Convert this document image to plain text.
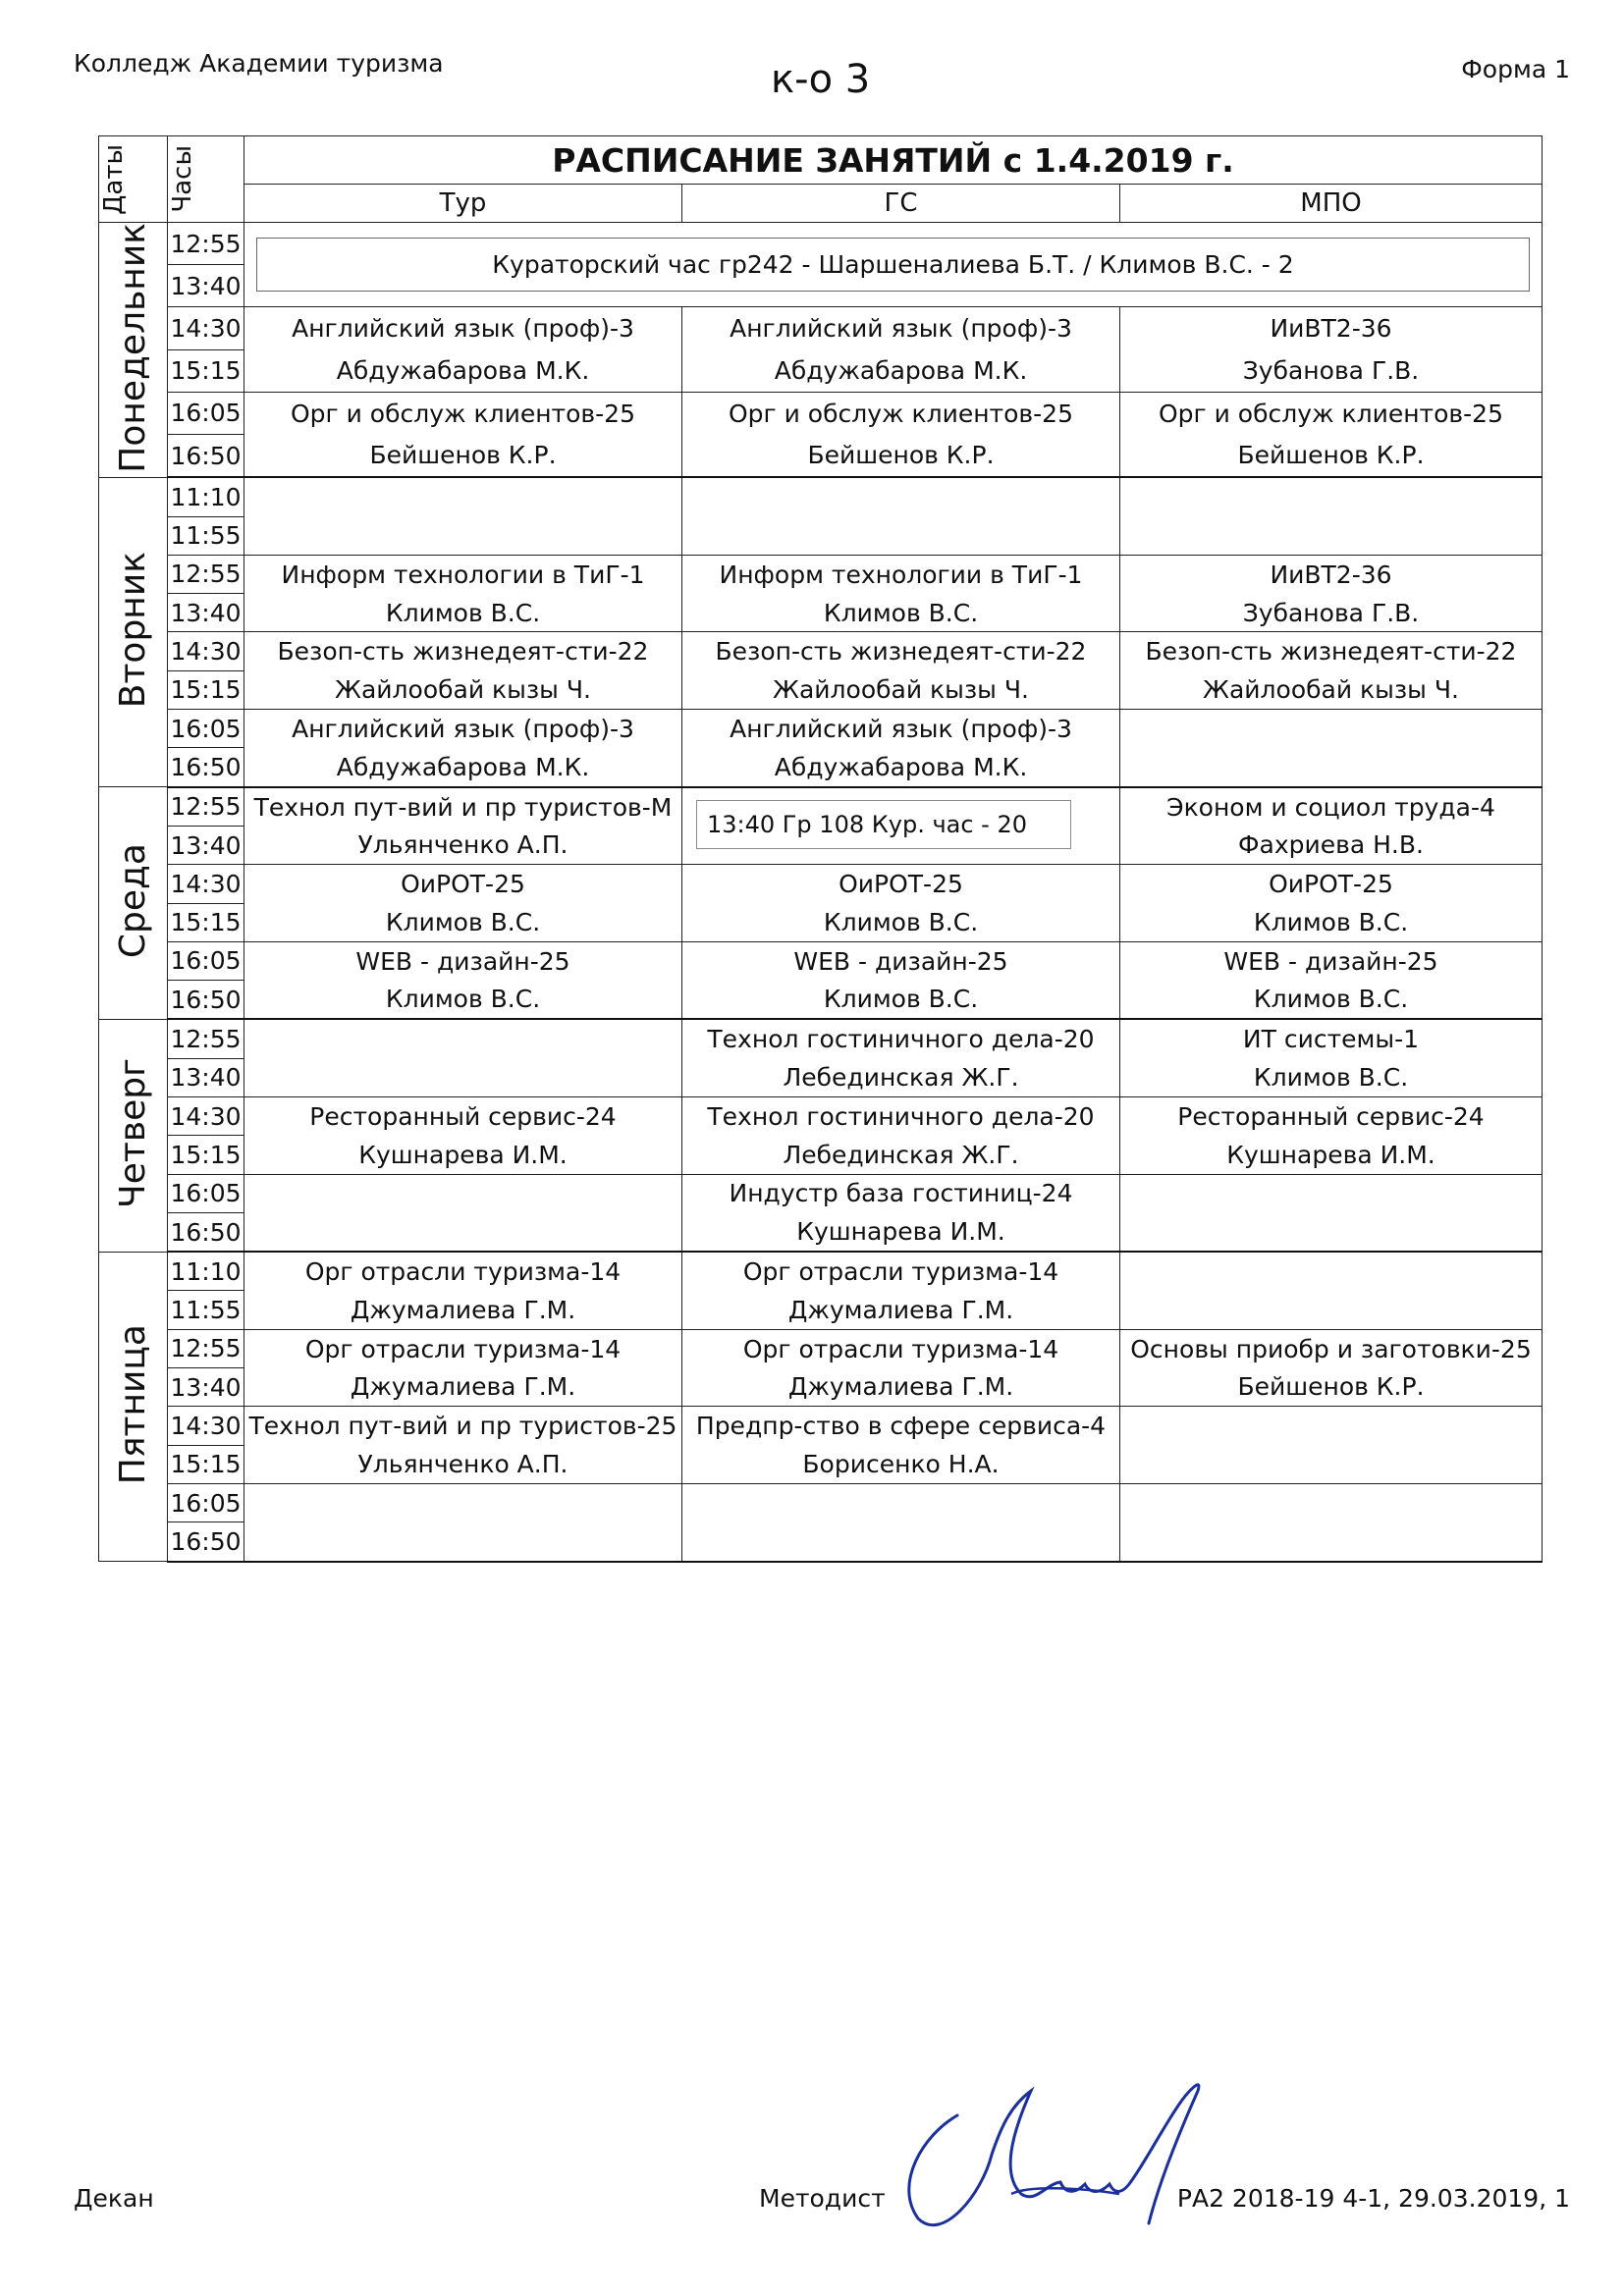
Колледж Академии туризма	к-о 3	Форма 1
Даты	Часы	РАСПИСАНИЕ ЗАНЯТИЙ с 1.4.2019 г.		
		Тур	ГС	МПО
Понедельник	12:55	Кураторский час гр242 - Шаршеналиева Б.Т. / Климов В.С. - 2		

	13:40			
	14:30	Английский язык (проф)-3	Английский язык (проф)-3	ИиВТ2-36
	15:15	Абдужабарова М.К.	Абдужабарова М.К.	Зубанова Г.В.
	16:05	Орг и обслуж клиентов-25	Орг и обслуж клиентов-25	Орг и обслуж клиентов-25
	16:50	Бейшенов К.Р.	Бейшенов К.Р.	Бейшенов К.Р.
Вторник	11:10			
	11:55			
	12:55	Информ технологии в ТиГ-1	Информ технологии в ТиГ-1	ИиВТ2-36
	13:40	Климов В.С.	Климов В.С.	Зубанова Г.В.
	14:30	Безоп-сть жизнедеят-сти-22	Безоп-сть жизнедеят-сти-22	Безоп-сть жизнедеят-сти-22
	15:15	Жайлообай кызы Ч.	Жайлообай кызы Ч.	Жайлообай кызы Ч.
	16:05	Английский язык (проф)-3	Английский язык (проф)-3	
	16:50	Абдужабарова М.К.	Абдужабарова М.К.	
Среда	12:55	Технол пут-вий и пр туристов-М	13:40 Гр 108 Кур. час - 20	Эконом и социол труда-4
	13:40	Ульянченко А.П.		Фахриева Н.В.
	14:30	ОиРОТ-25	ОиРОТ-25	ОиРОТ-25
	15:15	Климов В.С.	Климов В.С.	Климов В.С.
	16:05	WEB - дизайн-25	WEB - дизайн-25	WEB - дизайн-25
	16:50	Климов В.С.	Климов В.С.	Климов В.С.
Четверг	12:55		Технол гостиничного дела-20	ИТ системы-1
	13:40		Лебединская Ж.Г.	Климов В.С.
	14:30	Ресторанный сервис-24	Технол гостиничного дела-20	Ресторанный сервис-24
	15:15	Кушнарева И.М.	Лебединская Ж.Г.	Кушнарева И.М.
	16:05		Индустр база гостиниц-24	
	16:50		Кушнарева И.М.	
Пятница	11:10	Орг отрасли туризма-14	Орг отрасли туризма-14	
	11:55	Джумалиева Г.М.	Джумалиева Г.М.	
	12:55	Орг отрасли туризма-14	Орг отрасли туризма-14	Основы приобр и заготовки-25
	13:40	Джумалиева Г.М.	Джумалиева Г.М.	Бейшенов К.Р.
	14:30	Технол пут-вий и пр туристов-25	Предпр-ство в сфере сервиса-4	
	15:15	Ульянченко А.П.	Борисенко Н.А.	
	16:05			
	16:50			
Декан	Методист	РА2 2018-19 4-1, 29.03.2019, 1
